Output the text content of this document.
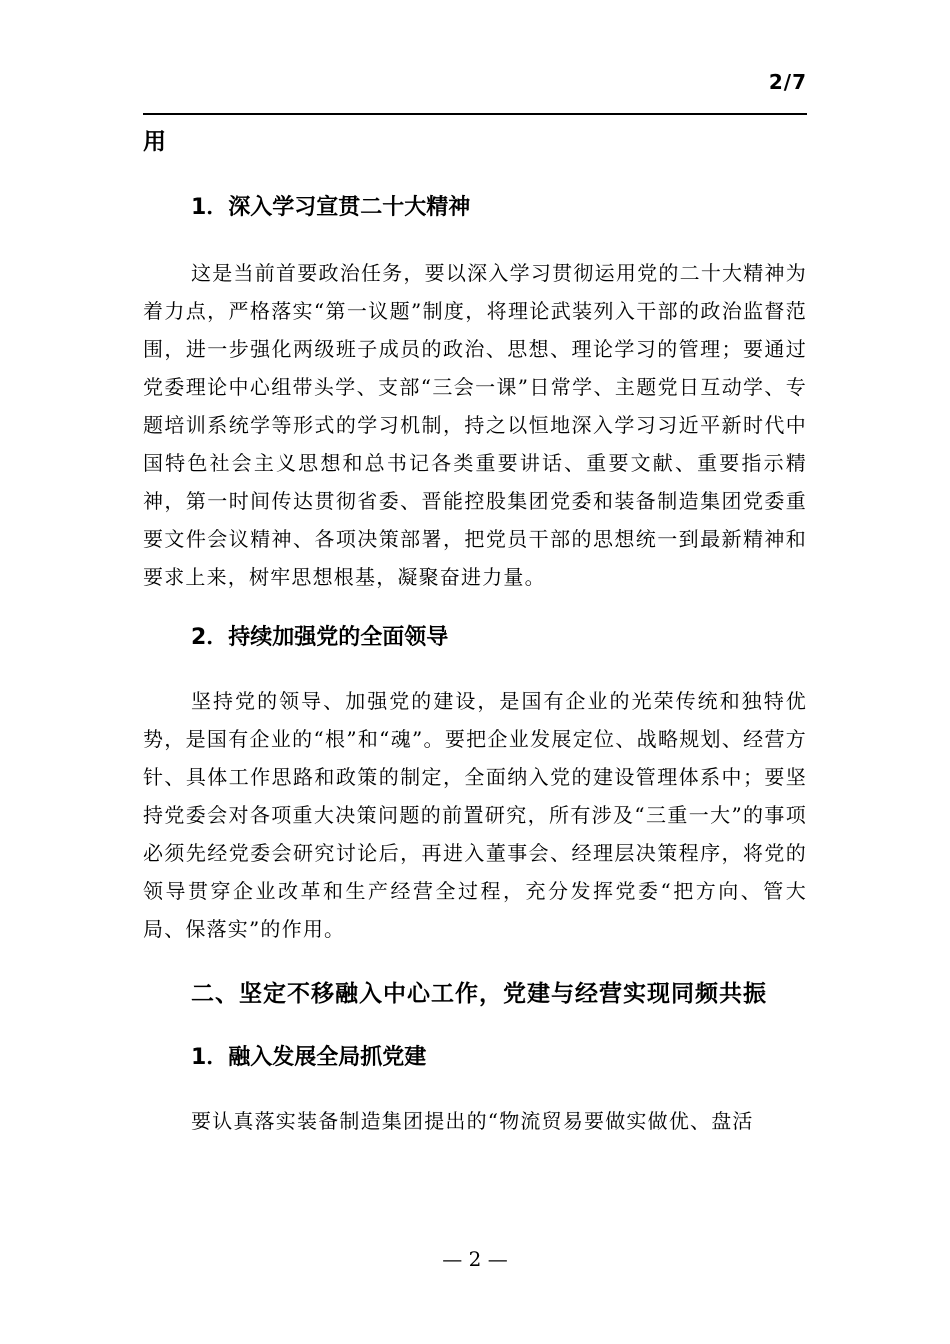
2/7

用

1．深入学习宣贯二十大精神

这是当前首要政治任务，要以深入学习贯彻运用党的二十大精神为着力点，严格落实“第一议题”制度，将理论武装列入干部的政治监督范围，进一步强化两级班子成员的政治、思想、理论学习的管理；要通过党委理论中心组带头学、支部“三会一课”日常学、主题党日互动学、专题培训系统学等形式的学习机制，持之以恒地深入学习习近平新时代中国特色社会主义思想和总书记各类重要讲话、重要文献、重要指示精神，第一时间传达贯彻省委、晋能控股集团党委和装备制造集团党委重要文件会议精神、各项决策部署，把党员干部的思想统一到最新精神和要求上来，树牢思想根基，凝聚奋进力量。

2．持续加强党的全面领导

坚持党的领导、加强党的建设，是国有企业的光荣传统和独特优势，是国有企业的“根”和“魂”。要把企业发展定位、战略规划、经营方针、具体工作思路和政策的制定，全面纳入党的建设管理体系中；要坚持党委会对各项重大决策问题的前置研究，所有涉及“三重一大”的事项必须先经党委会研究讨论后，再进入董事会、经理层决策程序，将党的领导贯穿企业改革和生产经营全过程，充分发挥党委“把方向、管大局、保落实”的作用。

二、坚定不移融入中心工作，党建与经营实现同频共振

1．融入发展全局抓党建

要认真落实装备制造集团提出的“物流贸易要做实做优、盘活

— 2 —
